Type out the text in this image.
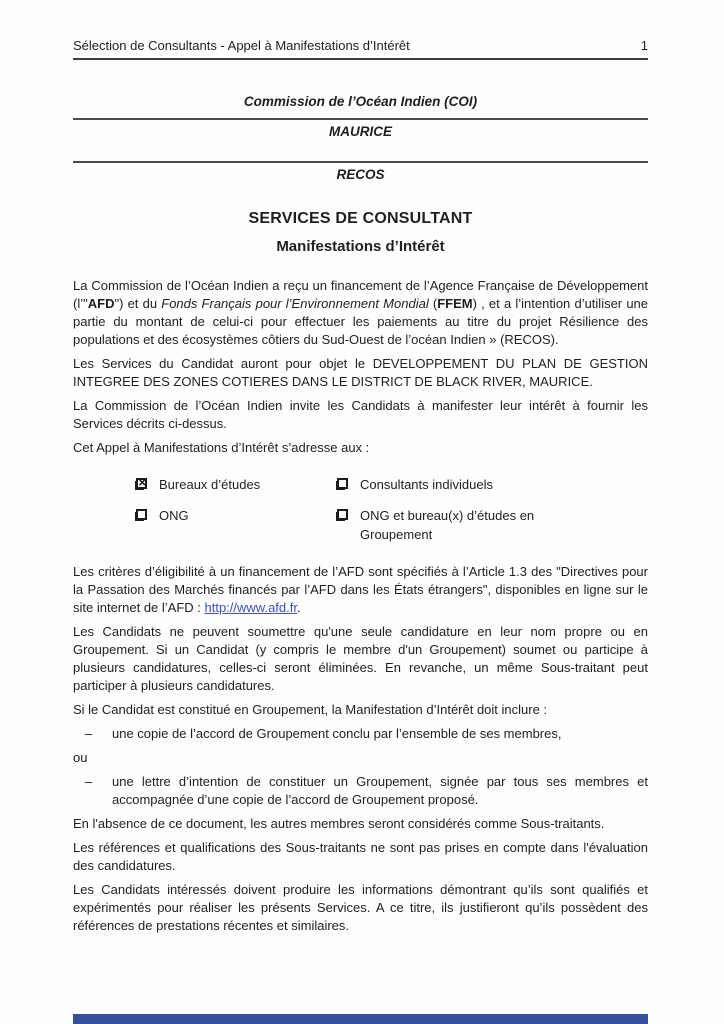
Sélection de Consultants - Appel à Manifestations d’Intérêt	1
Commission de l’Océan Indien (COI)
MAURICE
RECOS
SERVICES DE CONSULTANT
Manifestations d’Intérêt

La Commission de l’Océan Indien a reçu un financement de l’Agence Française de Développement (l’"AFD") et du Fonds Français pour l’Environnement Mondial (FFEM) , et a l’intention d’utiliser une partie du montant de celui-ci pour effectuer les paiements au titre du projet Résilience des populations et des écosystèmes côtiers du Sud-Ouest de l’océan Indien » (RECOS).

Les Services du Candidat auront pour objet le DEVELOPPEMENT DU PLAN DE GESTION INTEGREE DES ZONES COTIERES DANS LE DISTRICT DE BLACK RIVER, MAURICE.

La Commission de l’Océan Indien invite les Candidats à manifester leur intérêt à fournir les Services décrits ci-dessus.

Cet Appel à Manifestations d’Intérêt s’adresse aux :

✕ Bureaux d’études	Consultants individuels
ONG	ONG et bureau(x) d’études en Groupement

Les critères d’éligibilité à un financement de l’AFD sont spécifiés à l’Article 1.3 des "Directives pour la Passation des Marchés financés par l’AFD dans les États étrangers", disponibles en ligne sur le site internet de l’AFD : http://www.afd.fr.

Les Candidats ne peuvent soumettre qu'une seule candidature en leur nom propre ou en Groupement. Si un Candidat (y compris le membre d'un Groupement) soumet ou participe à plusieurs candidatures, celles-ci seront éliminées. En revanche, un même Sous-traitant peut participer à plusieurs candidatures.

Si le Candidat est constitué en Groupement, la Manifestation d’Intérêt doit inclure :

– une copie de l’accord de Groupement conclu par l’ensemble de ses membres,
ou
– une lettre d’intention de constituer un Groupement, signée par tous ses membres et accompagnée d’une copie de l’accord de Groupement proposé.

En l'absence de ce document, les autres membres seront considérés comme Sous-traitants.

Les références et qualifications des Sous-traitants ne sont pas prises en compte dans l'évaluation des candidatures.

Les Candidats intéressés doivent produire les informations démontrant qu’ils sont qualifiés et expérimentés pour réaliser les présents Services. A ce titre, ils justifieront qu’ils possèdent des références de prestations récentes et similaires.
